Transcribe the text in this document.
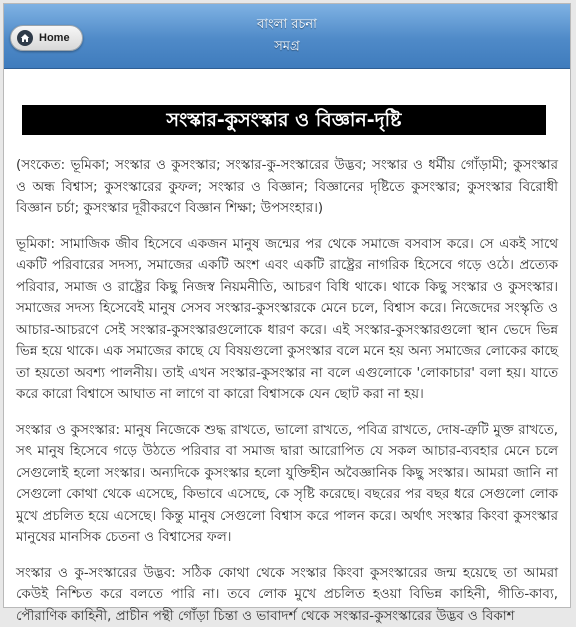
Home
বাংলা রচনা
সমগ্র
সংস্কার-কুসংস্কার ও বিজ্ঞান-দৃষ্টি

(সংকেত: ভূমিকা; সংস্কার ও কুসংস্কার; সংস্কার-কু-সংস্কারের উদ্ভব; সংস্কার ও ধর্মীয় গোঁড়ামী; কুসংস্কার ও অন্ধ বিশ্বাস; কুসংস্কারের কুফল; সংস্কার ও বিজ্ঞান; বিজ্ঞানের দৃষ্টিতে কুসংস্কার; কুসংস্কার বিরোধী বিজ্ঞান চর্চা; কুসংস্কার দূরীকরণে বিজ্ঞান শিক্ষা; উপসংহার।)

ভূমিকা: সামাজিক জীব হিসেবে একজন মানুষ জন্মের পর থেকে সমাজে বসবাস করে। সে একই সাথে একটি পরিবারের সদস্য, সমাজের একটি অংশ এবং একটি রাষ্ট্রের নাগরিক হিসেবে গড়ে ওঠে। প্রত্যেক পরিবার, সমাজ ও রাষ্ট্রের কিছু নিজস্ব নিয়মনীতি, আচরণ বিধি থাকে। থাকে কিছু সংস্কার ও কুসংস্কার। সমাজের সদস্য হিসেবেই মানুষ সেসব সংস্কার-কুসংস্কারকে মেনে চলে, বিশ্বাস করে। নিজেদের সংস্কৃতি ও আচার-আচরণে সেই সংস্কার-কুসংস্কারগুলোকে ধারণ করে। এই সংস্কার-কুসংস্কারগুলো স্থান ভেদে ভিন্ন ভিন্ন হয়ে থাকে। এক সমাজের কাছে যে বিষয়গুলো কুসংস্কার বলে মনে হয় অন্য সমাজের লোকের কাছে তা হয়তো অবশ্য পালনীয়। তাই এখন সংস্কার-কুসংস্কার না বলে এগুলোকে 'লোকাচার' বলা হয়। যাতে করে কারো বিশ্বাসে আঘাত না লাগে বা কারো বিশ্বাসকে যেন ছোট করা না হয়।

সংস্কার ও কুসংস্কার: মানুষ নিজেকে শুদ্ধ রাখতে, ভালো রাখতে, পবিত্র রাখতে, দোষ-ত্রুটি মুক্ত রাখতে, সৎ মানুষ হিসেবে গড়ে উঠতে পরিবার বা সমাজ দ্বারা আরোপিত যে সকল আচার-ব্যবহার মেনে চলে সেগুলোই হলো সংস্কার। অন্যদিকে কুসংস্কার হলো যুক্তিহীন অবৈজ্ঞানিক কিছু সংস্কার। আমরা জানি না সেগুলো কোথা থেকে এসেছে, কিভাবে এসেছে, কে সৃষ্টি করেছে। বছরের পর বছর ধরে সেগুলো লোক মুখে প্রচলিত হয়ে এসেছে। কিন্তু মানুষ সেগুলো বিশ্বাস করে পালন করে। অর্থাৎ সংস্কার কিংবা কুসংস্কার মানুষের মানসিক চেতনা ও বিশ্বাসের ফল।

সংস্কার ও কু-সংস্কারের উদ্ভব: সঠিক কোথা থেকে সংস্কার কিংবা কুসংস্কারের জন্ম হয়েছে তা আমরা কেউই নিশ্চিত করে বলতে পারি না। তবে লোক মুখে প্রচলিত হওয়া বিভিন্ন কাহিনী, গীতি-কাব্য, পৌরাণিক কাহিনী, প্রাচীন পন্থী গোঁড়া চিন্তা ও ভাবাদর্শ থেকে সংস্কার-কুসংস্কারের উদ্ভব ও বিকাশ
